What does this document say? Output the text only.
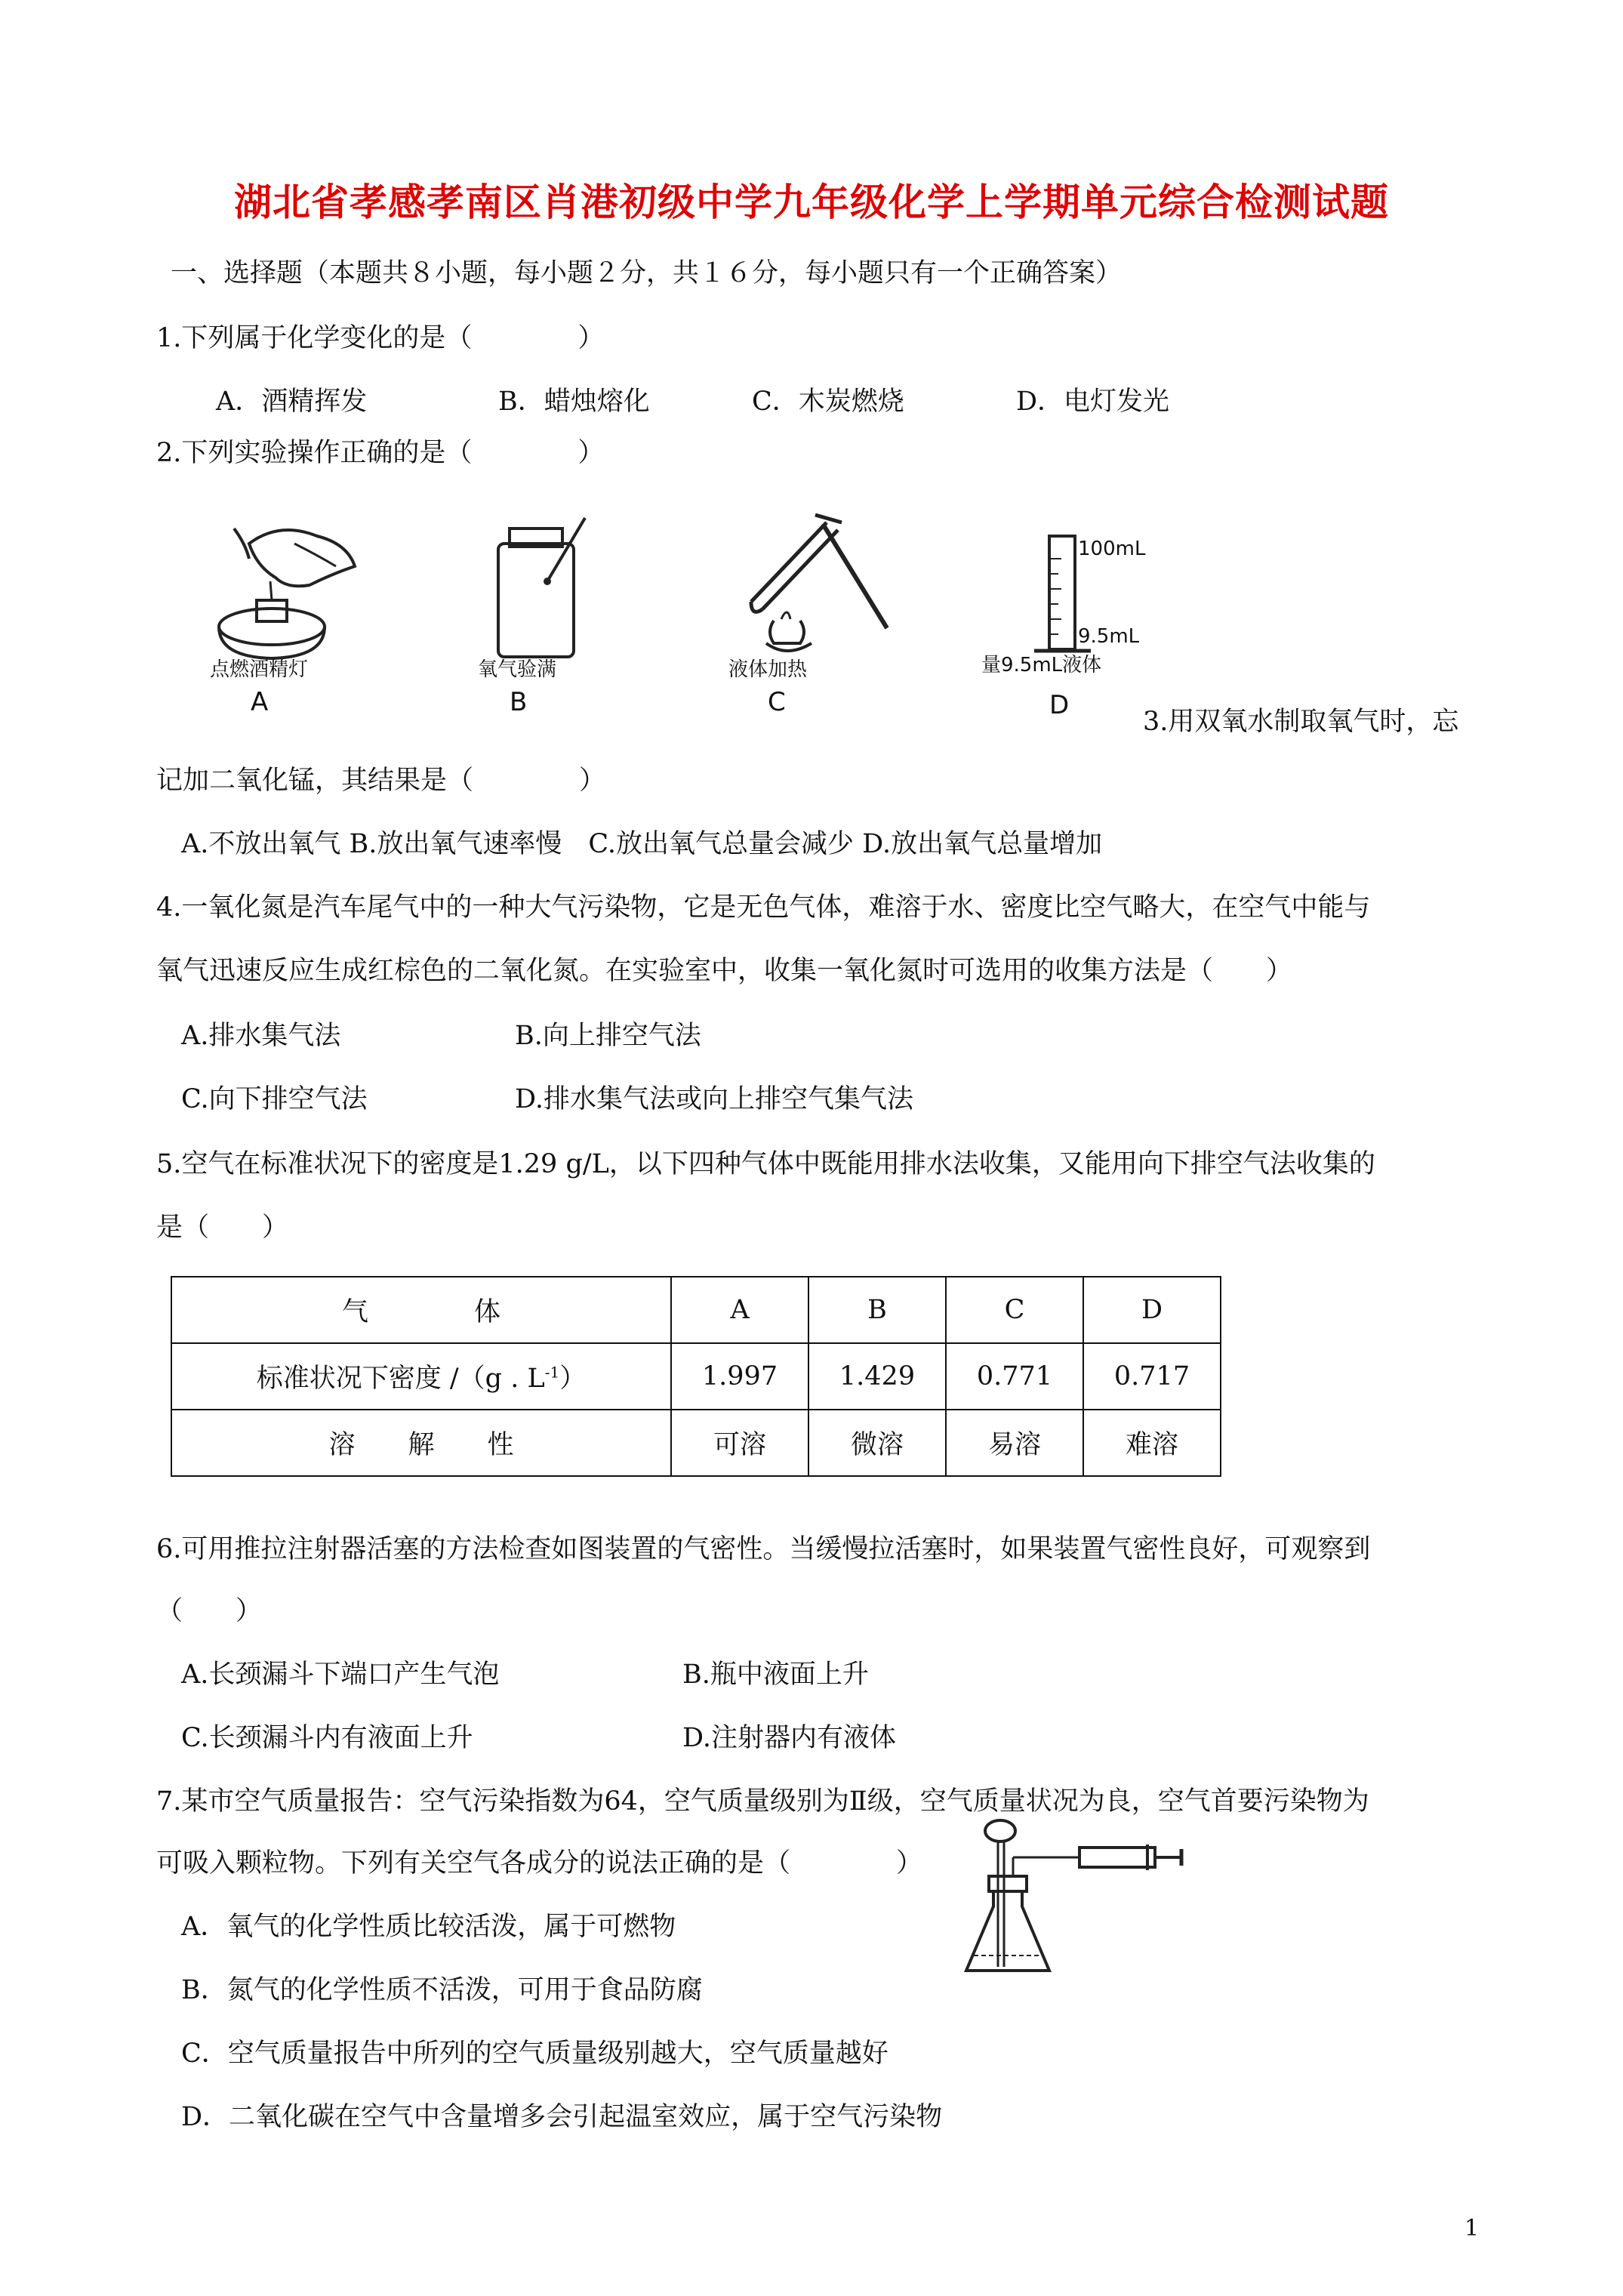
湖北省孝感孝南区肖港初级中学九年级化学上学期单元综合检测试题
一、选择题（本题共８小题，每小题２分，共１６分，每小题只有一个正确答案）
1.下列属于化学变化的是（　　　　）
A．酒精挥发	B．蜡烛熔化	C．木炭燃烧	D．电灯发光
2.下列实验操作正确的是（　　　　）
点燃酒精灯
A
氧气验满
B
液体加热
C
100mL
9.5mL
量9.5mL液体
D
3.用双氧水制取氧气时，忘
记加二氧化锰，其结果是（　　　　）
A.不放出氧气 B.放出氧气速率慢　C.放出氧气总量会减少 D.放出氧气总量增加
4.一氧化氮是汽车尾气中的一种大气污染物，它是无色气体，难溶于水、密度比空气略大，在空气中能与
氧气迅速反应生成红棕色的二氧化氮。在实验室中，收集一氧化氮时可选用的收集方法是（　　）
A.排水集气法	B.向上排空气法
C.向下排空气法	D.排水集气法或向上排空气集气法
5.空气在标准状况下的密度是1.29 g/L，以下四种气体中既能用排水法收集，又能用向下排空气法收集的
是（　　）
气　　　　体	A	B	C	D
标准状况下密度 /（g . $L^{-1}$）	1.997	1.429	0.771	0.717
溶　　解　　性	可溶	微溶	易溶	难溶
6.可用推拉注射器活塞的方法检查如图装置的气密性。当缓慢拉活塞时，如果装置气密性良好，可观察到
（　　）
A.长颈漏斗下端口产生气泡	B.瓶中液面上升
C.长颈漏斗内有液面上升	D.注射器内有液体
7.某市空气质量报告：空气污染指数为64，空气质量级别为Ⅱ级，空气质量状况为良，空气首要污染物为
可吸入颗粒物。下列有关空气各成分的说法正确的是（　　　　）
A．氧气的化学性质比较活泼，属于可燃物
B．氮气的化学性质不活泼，可用于食品防腐
C．空气质量报告中所列的空气质量级别越大，空气质量越好
D．二氧化碳在空气中含量增多会引起温室效应，属于空气污染物
1
